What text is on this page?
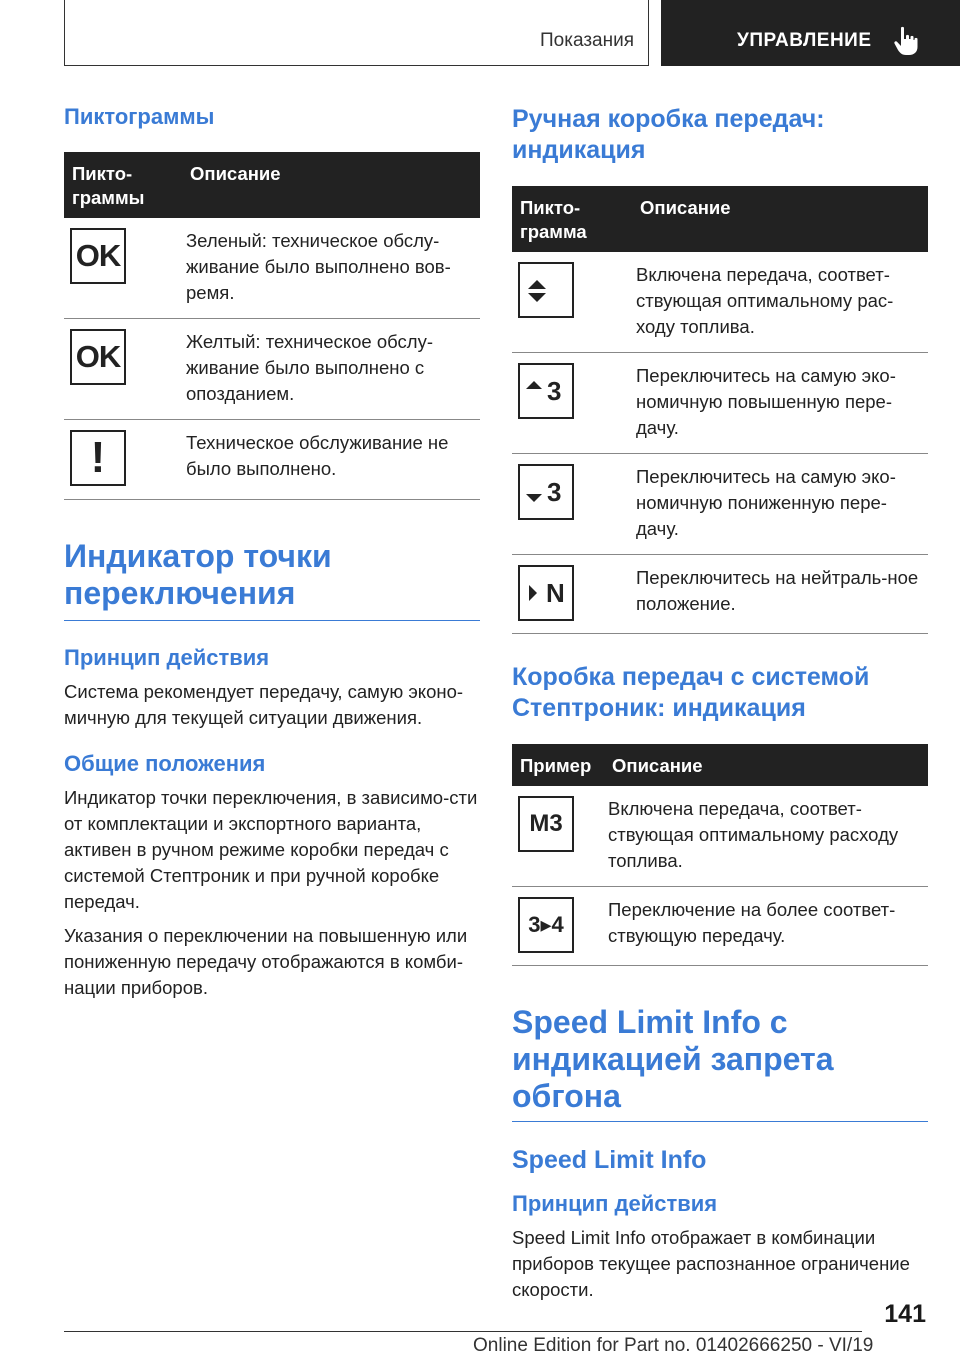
Показания	УПРАВЛЕНИЕ
Пиктограммы
Пикто-граммы	Описание

OK	Зеленый: техническое обслу-живание было выполнено вов-ремя.

OK	Желтый: техническое обслу-живание было выполнено с опозданием.

!	Техническое обслуживание не было выполнено.
Индикатор точки переключения
Принцип действия

Система рекомендует передачу, самую эконо-мичную для текущей ситуации движения.

Общие положения

Индикатор точки переключения, в зависимо-сти от комплектации и экспортного варианта, активен в ручном режиме коробки передач с системой Стептроник и при ручной коробке передач.

Указания о переключении на повышенную или пониженную передачу отображаются в комби-нации приборов.

Ручная коробка передач: индикация
Пикто-грамма	Описание

	Включена передача, соответ-ствующая оптимальному рас-ходу топлива.

3	Переключитесь на самую эко-номичную повышенную пере-дачу.

3	Переключитесь на самую эко-номичную пониженную пере-дачу.

N	Переключитесь на нейтраль-ное положение.
Коробка передач с системой Стептроник: индикация
Пример	Описание

M3	Включена передача, соответ-ствующая оптимальному расходу топлива.

3▸4	Переключение на более соответ-ствующую передачу.
Speed Limit Info с индикацией запрета обгона
Speed Limit Info
Принцип действия

Speed Limit Info отображает в комбинации приборов текущее распознанное ограничение скорости.

141
Online Edition for Part no. 01402666250 - VI/19
